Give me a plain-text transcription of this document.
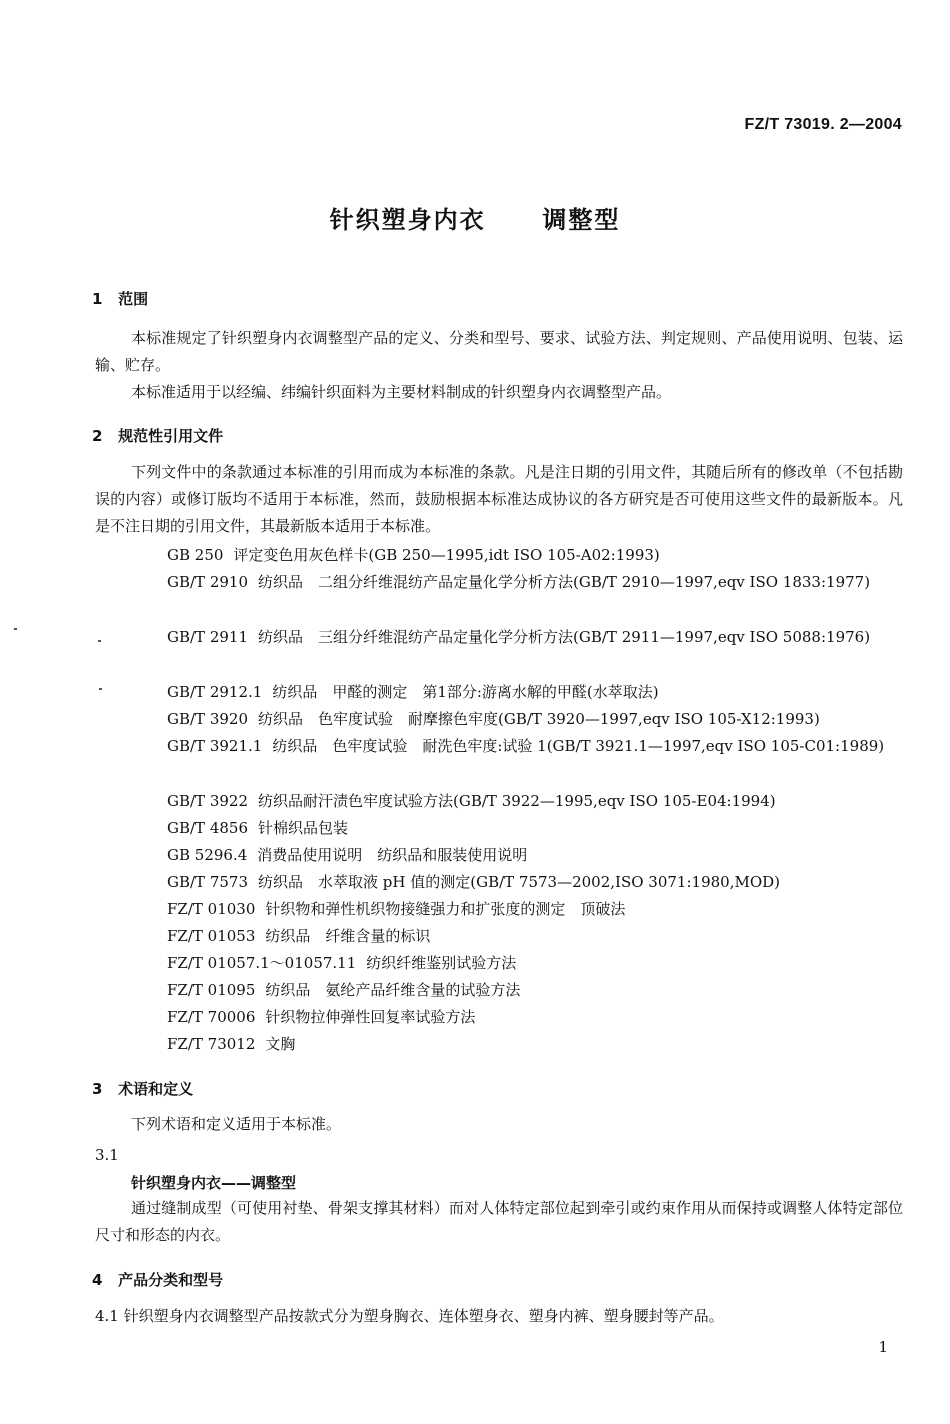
FZ/T 73019. 2—2004
针织塑身内衣  调整型
1   范围
本标准规定了针织塑身内衣调整型产品的定义、分类和型号、要求、试验方法、判定规则、产品使用说明、包装、运输、贮存。
本标准适用于以经编、纬编针织面料为主要材料制成的针织塑身内衣调整型产品。
2   规范性引用文件
下列文件中的条款通过本标准的引用而成为本标准的条款。凡是注日期的引用文件，其随后所有的修改单（不包括勘误的内容）或修订版均不适用于本标准，然而，鼓励根据本标准达成协议的各方研究是否可使用这些文件的最新版本。凡是不注日期的引用文件，其最新版本适用于本标准。
GB 250 评定变色用灰色样卡(GB 250—1995,idt ISO 105-A02:1993)
GB/T 2910 纺织品　二组分纤维混纺产品定量化学分析方法(GB/T 2910—1997,eqv ISO 1833:1977)
GB/T 2911 纺织品　三组分纤维混纺产品定量化学分析方法(GB/T 2911—1997,eqv ISO 5088:1976)
GB/T 2912.1 纺织品　甲醛的测定　第1部分:游离水解的甲醛(水萃取法)
GB/T 3920 纺织品　色牢度试验　耐摩擦色牢度(GB/T 3920—1997,eqv ISO 105-X12:1993)
GB/T 3921.1 纺织品　色牢度试验　耐洗色牢度:试验 1(GB/T 3921.1—1997,eqv ISO 105-C01:1989)
GB/T 3922 纺织品耐汗渍色牢度试验方法(GB/T 3922—1995,eqv ISO 105-E04:1994)
GB/T 4856 针棉织品包装
GB 5296.4 消费品使用说明　纺织品和服装使用说明
GB/T 7573 纺织品　水萃取液 pH 值的测定(GB/T 7573—2002,ISO 3071:1980,MOD)
FZ/T 01030 针织物和弹性机织物接缝强力和扩张度的测定　顶破法
FZ/T 01053 纺织品　纤维含量的标识
FZ/T 01057.1～01057.11 纺织纤维鉴别试验方法
FZ/T 01095 纺织品　氨纶产品纤维含量的试验方法
FZ/T 70006 针织物拉伸弹性回复率试验方法
FZ/T 73012 文胸
3   术语和定义
下列术语和定义适用于本标准。
3.1
针织塑身内衣——调整型
通过缝制成型（可使用衬垫、骨架支撑其材料）而对人体特定部位起到牵引或约束作用从而保持或调整人体特定部位尺寸和形态的内衣。
4   产品分类和型号
4.1 针织塑身内衣调整型产品按款式分为塑身胸衣、连体塑身衣、塑身内裤、塑身腰封等产品。
1
